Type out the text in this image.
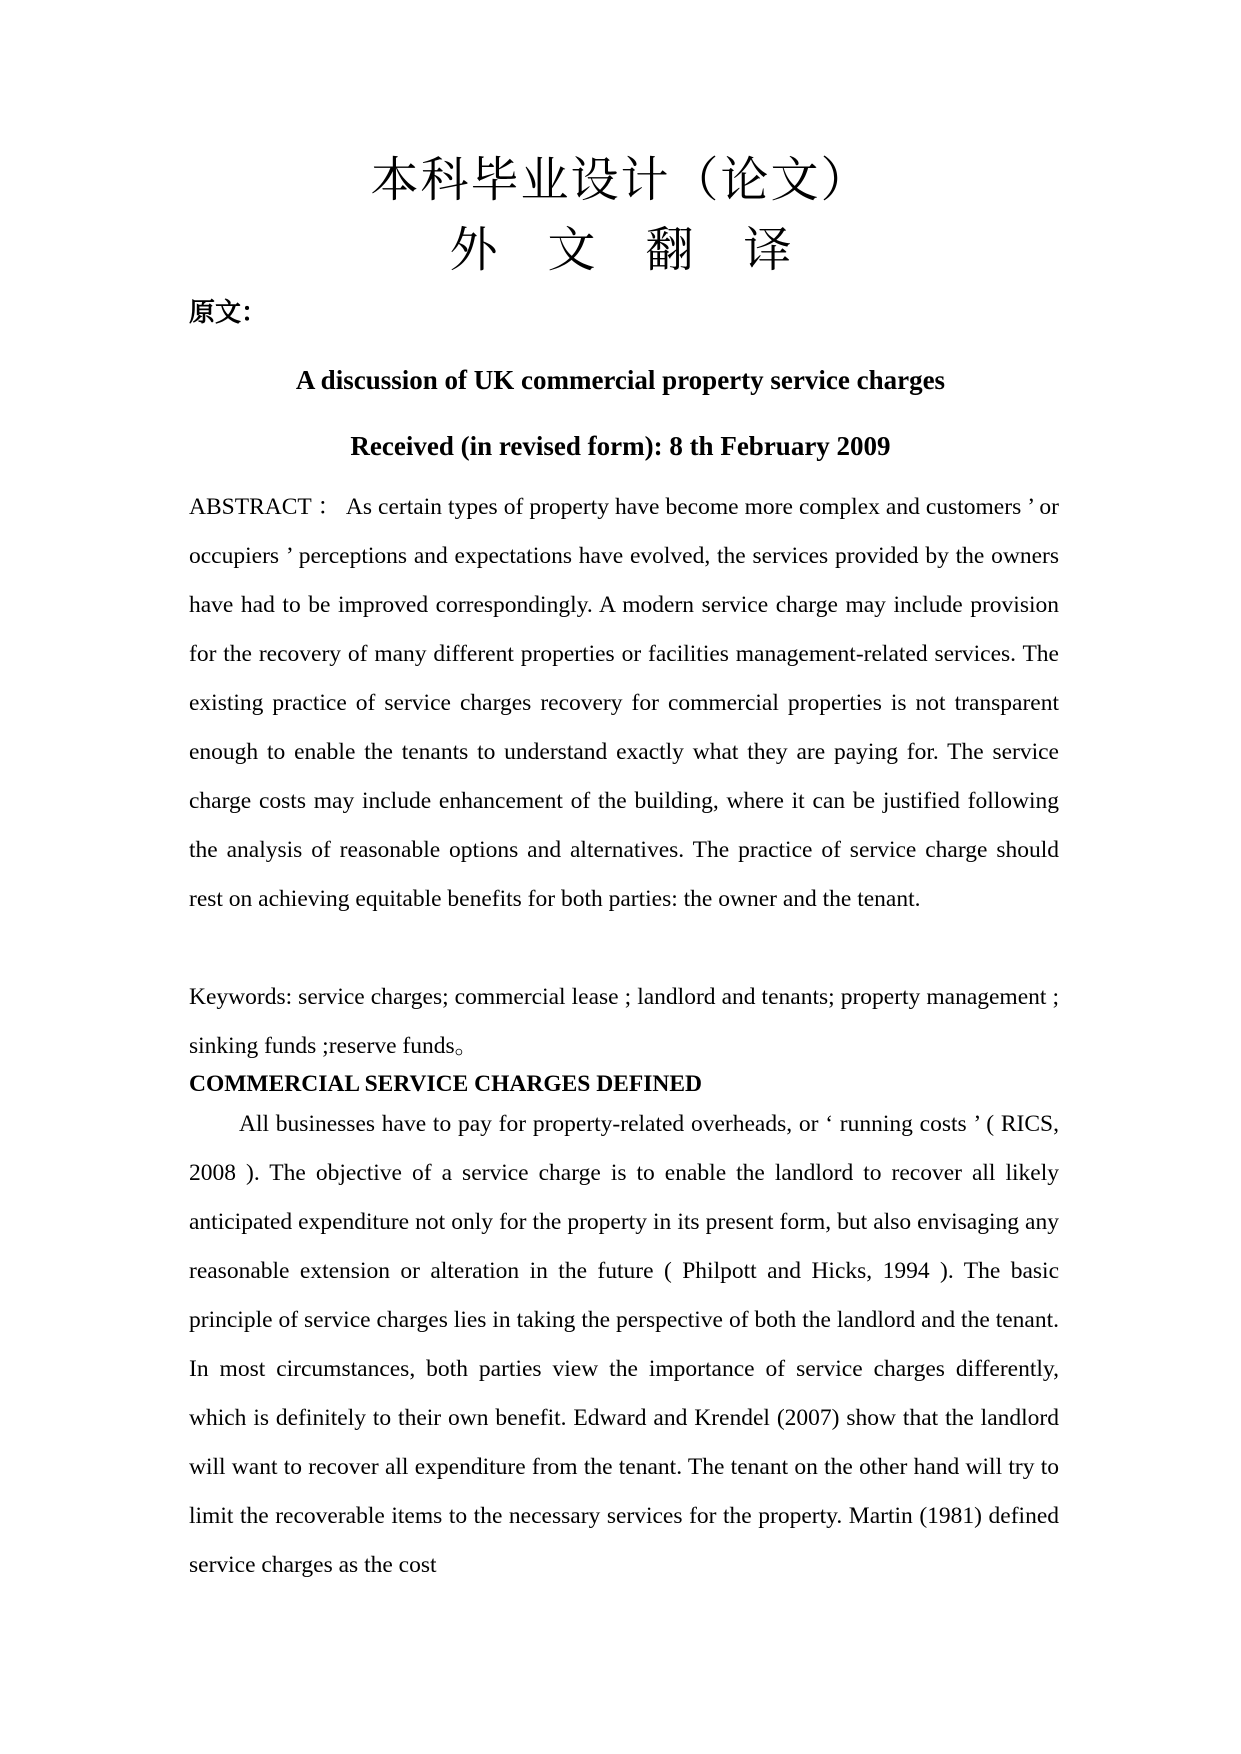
本科毕业设计（论文）
外文翻译
原文：
A discussion of UK commercial property service charges
Received (in revised form): 8 th February 2009
ABSTRACT ： As certain types of property have become more complex and customers ’ or occupiers ’ perceptions and expectations have evolved, the services provided by the owners have had to be improved correspondingly. A modern service charge may include provision for the recovery of many different properties or facilities management-related services. The existing practice of service charges recovery for commercial properties is not transparent enough to enable the tenants to understand exactly what they are paying for. The service charge costs may include enhancement of the building, where it can be justified following the analysis of reasonable options and alternatives. The practice of service charge should rest on achieving equitable benefits for both parties: the owner and the tenant.
Keywords: service charges; commercial lease ; landlord and tenants; property management ; sinking funds ;reserve funds。
COMMERCIAL SERVICE CHARGES DEFINED
All businesses have to pay for property-related overheads, or ‘ running costs ’ ( RICS, 2008 ). The objective of a service charge is to enable the landlord to recover all likely anticipated expenditure not only for the property in its present form, but also envisaging any reasonable extension or alteration in the future ( Philpott and Hicks, 1994 ). The basic principle of service charges lies in taking the perspective of both the landlord and the tenant. In most circumstances, both parties view the importance of service charges differently, which is definitely to their own benefit. Edward and Krendel (2007) show that the landlord will want to recover all expenditure from the tenant. The tenant on the other hand will try to limit the recoverable items to the necessary services for the property. Martin (1981) defined service charges as the cost
